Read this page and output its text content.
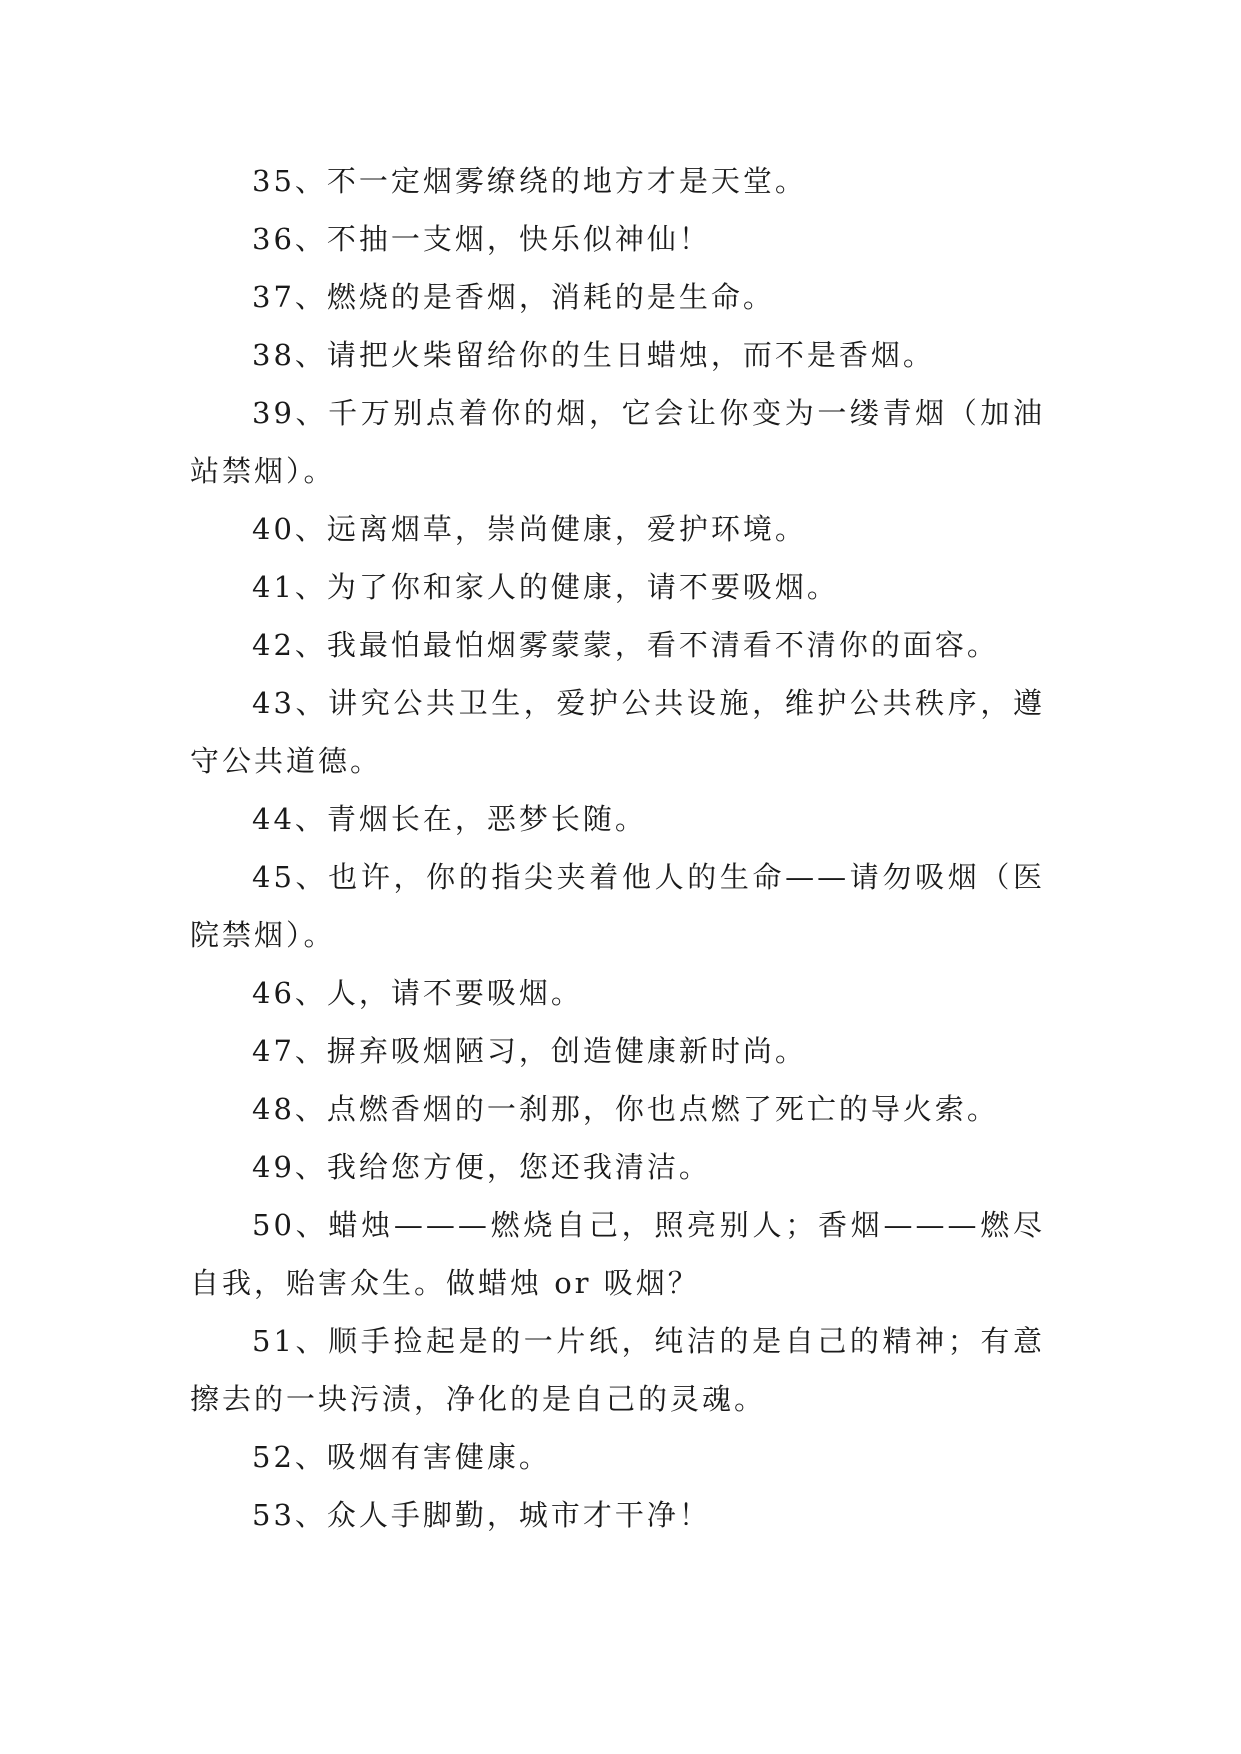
35、不一定烟雾缭绕的地方才是天堂。

36、不抽一支烟，快乐似神仙！

37、燃烧的是香烟，消耗的是生命。

38、请把火柴留给你的生日蜡烛，而不是香烟。

39、千万别点着你的烟，它会让你变为一缕青烟（加油站禁烟）。

40、远离烟草，崇尚健康，爱护环境。

41、为了你和家人的健康，请不要吸烟。

42、我最怕最怕烟雾蒙蒙，看不清看不清你的面容。

43、讲究公共卫生，爱护公共设施，维护公共秩序，遵守公共道德。

44、青烟长在，恶梦长随。

45、也许，你的指尖夹着他人的生命——请勿吸烟（医院禁烟）。

46、人，请不要吸烟。

47、摒弃吸烟陋习，创造健康新时尚。

48、点燃香烟的一刹那，你也点燃了死亡的导火索。

49、我给您方便，您还我清洁。

50、蜡烛———燃烧自己，照亮别人；香烟———燃尽自我，贻害众生。做蜡烛 or 吸烟？

51、顺手捡起是的一片纸，纯洁的是自己的精神；有意擦去的一块污渍，净化的是自己的灵魂。

52、吸烟有害健康。

53、众人手脚勤，城市才干净！
